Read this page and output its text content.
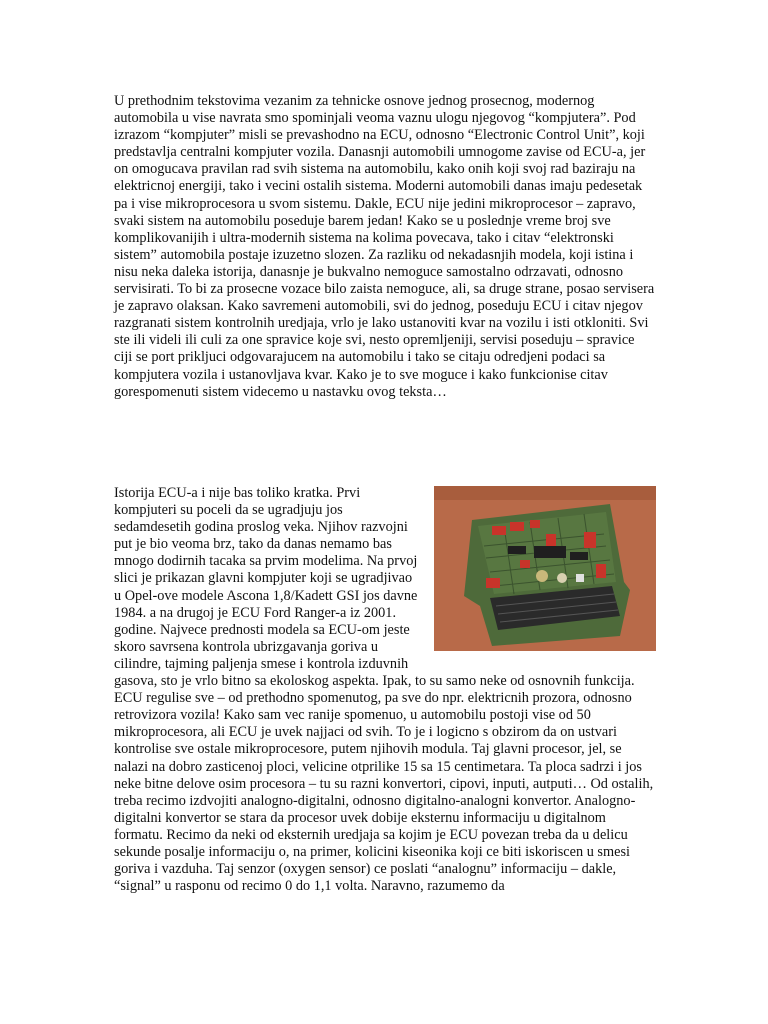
U prethodnim tekstovima vezanim za tehnicke osnove jednog prosecnog, modernog automobila u vise navrata smo spominjali veoma vaznu ulogu njegovog “kompjutera”. Pod izrazom “kompjuter” misli se prevashodno na ECU, odnosno “Electronic Control Unit”, koji predstavlja centralni kompjuter vozila. Danasnji automobili umnogome zavise od ECU-a, jer on omogucava pravilan rad svih sistema na automobilu, kako onih koji svoj rad baziraju na elektricnoj energiji, tako i vecini ostalih sistema. Moderni automobili danas imaju pedesetak pa i vise mikroprocesora u svom sistemu. Dakle, ECU nije jedini mikroprocesor – zapravo, svaki sistem na automobilu poseduje barem jedan! Kako se u poslednje vreme broj sve komplikovanijih i ultra-modernih sistema na kolima povecava, tako i citav “elektronski sistem” automobila postaje izuzetno slozen. Za razliku od nekadasnjih modela, koji istina i nisu neka daleka istorija, danasnje je bukvalno nemoguce samostalno odrzavati, odnosno servisirati. To bi za prosecne vozace bilo zaista nemoguce, ali, sa druge strane, posao servisera je zapravo olaksan. Kako savremeni automobili, svi do jednog, poseduju ECU i citav njegov razgranati sistem kontrolnih uredjaja, vrlo je lako ustanoviti kvar na vozilu i isti otkloniti. Svi ste ili videli ili culi za one spravice koje svi, nesto opremljeniji, servisi poseduju – spravice ciji se port prikljuci odgovarajucem na automobilu i tako se citaju odredjeni podaci sa kompjutera vozila i ustanovljava kvar. Kako je to sve moguce i kako funkcionise citav gorespomenuti sistem videcemo u nastavku ovog teksta…

Istorija ECU-a i nije bas toliko kratka. Prvi kompjuteri su poceli da se ugradjuju jos sedamdesetih godina proslog veka. Njihov razvojni put je bio veoma brz, tako da danas nemamo bas mnogo dodirnih tacaka sa prvim modelima. Na prvoj slici je prikazan glavni kompjuter koji se ugradjivao u Opel-ove modele Ascona 1,8/Kadett GSI jos davne 1984. a na drugoj je ECU Ford Ranger-a iz 2001. godine. Najvece prednosti modela sa ECU-om jeste skoro savrsena kontrola ubrizgavanja goriva u cilindre, tajming paljenja smese i kontrola izduvnih gasova, sto je vrlo bitno sa ekoloskog aspekta. Ipak, to su samo neke od osnovnih funkcija. ECU regulise sve – od prethodno spomenutog, pa sve do npr. elektricnih prozora, odnosno retrovizora vozila! Kako sam vec ranije spomenuo, u automobilu postoji vise od 50 mikroprocesora, ali ECU je uvek najjaci od svih. To je i logicno s obzirom da on ustvari kontrolise sve ostale mikroprocesore, putem njihovih modula. Taj glavni procesor, jel, se nalazi na dobro zasticenoj ploci, velicine otprilike 15 sa 15 centimetara. Ta ploca sadrzi i jos neke bitne delove osim procesora – tu su razni konvertori, cipovi, inputi, autputi… Od ostalih, treba recimo izdvojiti analogno-digitalni, odnosno digitalno-analogni konvertor. Analogno-digitalni konvertor se stara da procesor uvek dobije eksternu informaciju u digitalnom formatu. Recimo da neki od eksternih uredjaja sa kojim je ECU povezan treba da u delicu sekunde posalje informaciju o, na primer, kolicini kiseonika koji ce biti iskoriscen u smesi goriva i vazduha. Taj senzor (oxygen sensor) ce poslati “analognu” informaciju – dakle, “signal” u rasponu od recimo 0 do 1,1 volta. Naravno, razumemo da
